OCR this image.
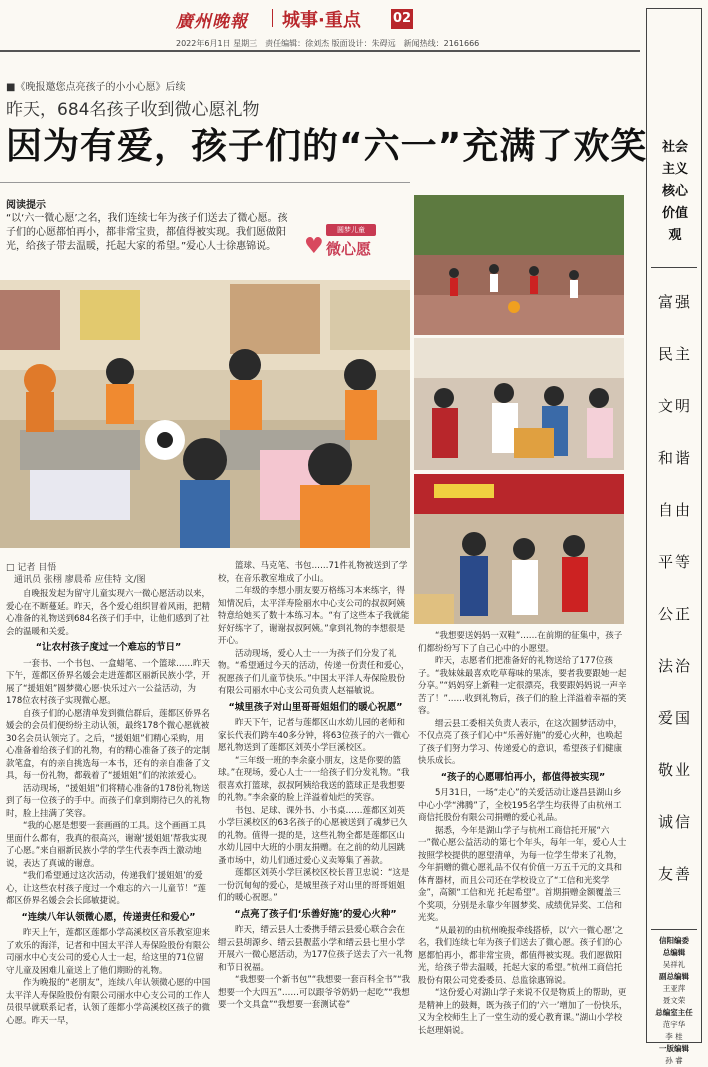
廣州晚報 城事·重点 02
2022年6月1日 星期三　责任编辑：徐刘杰 版面设计：朱碍远　新闻热线：2161666
■《晚报邀您点亮孩子的小小心愿》后续
昨天，684名孩子收到微心愿礼物
因为有爱，孩子们的“六一”充满了欢笑
阅读提示
“以‘六一微心愿’之名，我们连续七年为孩子们送去了微心愿。孩子们的心愿都怕再小，都非常宝贵，都值得被实现。我们愿做阳光，给孩子带去温暖，托起大家的希望。”爱心人士徐惠锦说。	♥
圆梦儿童
微心愿
□ 记者 目悟
通讯员 张栩 廖晨希 应佳特 文/图

自晚报发起为留守儿童实现六一微心愿活动以来，爱心在不断蔓延。昨天，各个爱心组织冒着风雨，把精心准备的礼物送到684名孩子们手中，让他们感到了社会的温暖和关爱。

“让农村孩子度过一个难忘的节日”

一套书、一个书包、一盒蜡笔、一个篮球……昨天下午，莲都区侨界名媛会走进莲都区丽新民族小学，开展了“援姐姐”圆梦微心愿·快乐过六一公益活动，为178位农村孩子实现微心愿。

自孩子们的心愿清单发到微信群后，莲都区侨界名媛会的会员们便纷纷主动认领，最终178个微心愿就被30名会员认领完了。之后，“援姐姐”们精心采购，用心准备着给孩子们的礼物，有的精心准备了孩子的定制款笔盒，有的亲自挑选每一本书，还有的亲自准备了文具，每一份礼物，都载着了“援姐姐”们的浓浓爱心。

活动现场，“援姐姐”们将精心准备的178份礼物送到了每一位孩子的手中。而孩子们拿到期待已久的礼物时，脸上挂满了笑容。

“我的心愿是想要一套画画的工具。这个画画工具里面什么都有，我真的很高兴，谢谢‘援姐姐’帮我实现了心愿。”来自丽新民族小学的学生代表李西土激动地说，表达了真诚的谢意。

“我们希望通过这次活动，传递我们‘援姐姐’的爱心，让这些农村孩子度过一个难忘的六一儿童节！”莲都区侨界名媛会会长邱敏捷说。

“连续八年认领微心愿，传递责任和爱心”

昨天上午，莲都区莲都小学高溪校区音乐教室迎来了欢乐的海洋，记者和中国太平洋人寿保险股份有限公司丽水中心支公司的爱心人士一起，给这里的71位留守儿童及困难儿童送上了他们期盼的礼物。

作为晚报的“老朋友”，连续八年认领微心愿的中国太平洋人寿保险股份有限公司丽水中心支公司的工作人员很早就联系记者，认领了莲都小学高溪校区孩子的微心愿。昨天一早，

篮球、马克笔、书包……71件礼物被送到了学校，在音乐教室堆成了小山。

二年级的李想小朋友要万格练习本来练字，得知情况后，太平洋寿险丽水中心支公司的叔叔阿姨特意给她买了数十本练习本。“有了这些本子我就能好好练字了，谢谢叔叔阿姨。”拿到礼物的李想很是开心。

活动现场，爱心人士一一为孩子们分发了礼物。“希望通过今天的活动，传递一份责任和爱心，祝愿孩子们儿童节快乐。”中国太平洋人寿保险股份有限公司丽水中心支公司负责人赵福敏说。

“城里孩子对山里哥哥姐姐们的暖心祝愿”

昨天下午，记者与莲都区山水幼儿园的老师和家长代表们跨车40多分钟，将63位孩子的六一微心愿礼物送到了莲都区刘英小学巨溪校区。

“三年级一班的李余豪小朋友，这是你要的篮球。”在现场，爱心人士一一给孩子们分发礼物。“我很喜欢打篮球，叔叔阿姨给我送的篮球正是我想要的礼物。”李余豪的脸上洋溢着灿烂的笑容。

书包、足球、课外书、小书桌……莲都区刘英小学巨溪校区的63名孩子的心愿被送到了魂梦已久的礼物。值得一提的是，这些礼物全都是莲都区山水幼儿园中大班的小朋友捐赠。在之前的幼儿园跳蚤市场中，幼儿们通过爱心义卖筹集了善款。

莲都区刘英小学巨溪校区校长晋卫忠说：“这是一份沉甸甸的爱心，是城里孩子对山里的哥哥姐姐们的暖心祝愿。”

“点亮了孩子们‘乐善好施’的爱心火种”

昨天，缙云县人士委携手缙云县爱心联合会在缙云县胡源乡、缙云县靓蓝小学和缙云县七里小学开展六一微心愿活动，为177位孩子送去了六一礼物和节日祝福。

“我想要一个新书包”“我想要一套百科全书”“我想要一个大四五”……可以跟爷爷奶奶一起吃”“我想要一个文具盒”“我想要一套测试卷”

“我想要送妈妈一双鞋”……在前期的征集中，孩子们都纷纷写下了自己心中的小愿望。

昨天，志愿者们把准备好的礼物送给了177位孩子。“我妹妹最喜欢吃草莓味的果冻，要者我要跟她一起分享。”“妈妈穿上新鞋一定很漂亮，我要跟妈妈说一声辛苦了！”……收到礼物后，孩子们的脸上洋溢着幸福的笑容。

缙云县工委相关负责人表示，在这次圆梦活动中，不仅点亮了孩子们心中“乐善好施”的爱心火种，也唤起了孩子们努力学习、传递爱心的意识，希望孩子们健康快乐成长。

“孩子的心愿哪怕再小，都值得被实现”

5月31日，一场“走心”的关爱活动让遂昌县湖山乡中心小学“沸腾”了，全校195名学生均获得了由杭州工商信托股份有限公司捐赠的爱心礼品。

据悉，今年是湖山学子与杭州工商信托开展“六一”微心愿公益活动的第七个年头，每年一年，爱心人士按照学校提供的愿望清单，为每一位学生带来了礼物，今年捐赠的微心愿礼品不仅有价值一万五千元的文具和体育器材，而且公司还在学校设立了“工信和光奖学金”，高额“工信和光 托起希望”。首期捐赠金额覆盖三个奖项，分别是永靠少年圆梦奖、成绩优异奖、工信和光奖。

“从最初的由杭州晚报牵线搭桥，以‘六一微心愿’之名，我们连续七年为孩子们送去了微心愿。孩子们的心愿都怕再小，都非常宝贵，都值得被实现。我们愿做阳光，给孩子带去温暖，托起大家的希望。”杭州工商信托股份有限公司党委委员、总监徐惠锦说。

“这份爱心对湖山学子来说不仅是物质上的帮助，更是精神上的鼓舞，既为孩子们的‘六一’增加了一份快乐，又为全校师生上了一堂生动的爱心教育课。”湖山小学校长赵理娟说。

社会主义核心价值观
富强
民主
文明
和谐
自由
平等
公正
法治
爱国
敬业
诚信
友善
信阳编委
总编辑
吴祥礼
副总编辑
王亚萍
聂文荣
总编室主任
范宇华
李 桂
一版编辑
孙 睿
